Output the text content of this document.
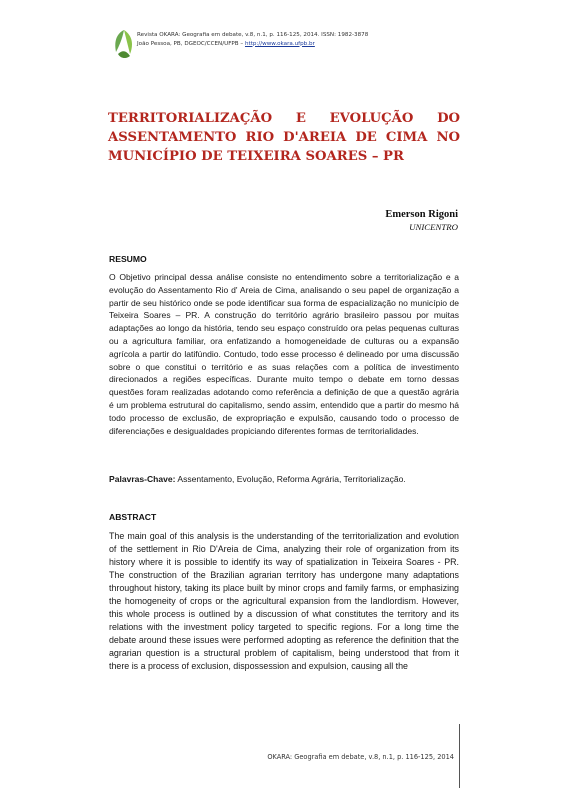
Revista OKARA: Geografia em debate, v.8, n.1, p. 116-125, 2014. ISSN: 1982-3878
João Pessoa, PB, DGEOC/CCEN/UFPB – http://www.okara.ufpb.br
TERRITORIALIZAÇÃO E EVOLUÇÃO DO ASSENTAMENTO RIO D'AREIA DE CIMA NO MUNICÍPIO DE TEIXEIRA SOARES – PR
Emerson Rigoni
UNICENTRO
RESUMO

O Objetivo principal dessa análise consiste no entendimento sobre a territorialização e a evolução do Assentamento Rio d' Areia de Cima, analisando o seu papel de organização a partir de seu histórico onde se pode identificar sua forma de espacialização no município de Teixeira Soares – PR. A construção do território agrário brasileiro passou por muitas adaptações ao longo da história, tendo seu espaço construído ora pelas pequenas culturas ou a agricultura familiar, ora enfatizando a homogeneidade de culturas ou a expansão agrícola a partir do latifúndio. Contudo, todo esse processo é delineado por uma discussão sobre o que constitui o território e as suas relações com a política de investimento direcionados a regiões específicas. Durante muito tempo o debate em torno dessas questões foram realizadas adotando como referência a definição de que a questão agrária é um problema estrutural do capitalismo, sendo assim, entendido que a partir do mesmo há todo processo de exclusão, de expropriação e expulsão, causando todo o processo de diferenciações e desigualdades propiciando diferentes formas de territorialidades.

Palavras-Chave: Assentamento, Evolução, Reforma Agrária, Territorialização.

ABSTRACT

The main goal of this analysis is the understanding of the territorialization and evolution of the settlement in Rio D'Areia de Cima, analyzing their role of organization from its history where it is possible to identify its way of spatialization in Teixeira Soares - PR. The construction of the Brazilian agrarian territory has undergone many adaptations throughout history, taking its place built by minor crops and family farms, or emphasizing the homogeneity of crops or the agricultural expansion from the landlordism. However, this whole process is outlined by a discussion of what constitutes the territory and its relations with the investment policy targeted to specific regions. For a long time the debate around these issues were performed adopting as reference the definition that the agrarian question is a structural problem of capitalism, being understood that from it there is a process of exclusion, dispossession and expulsion, causing all the

OKARA: Geografia em debate, v.8, n.1, p. 116-125, 2014
